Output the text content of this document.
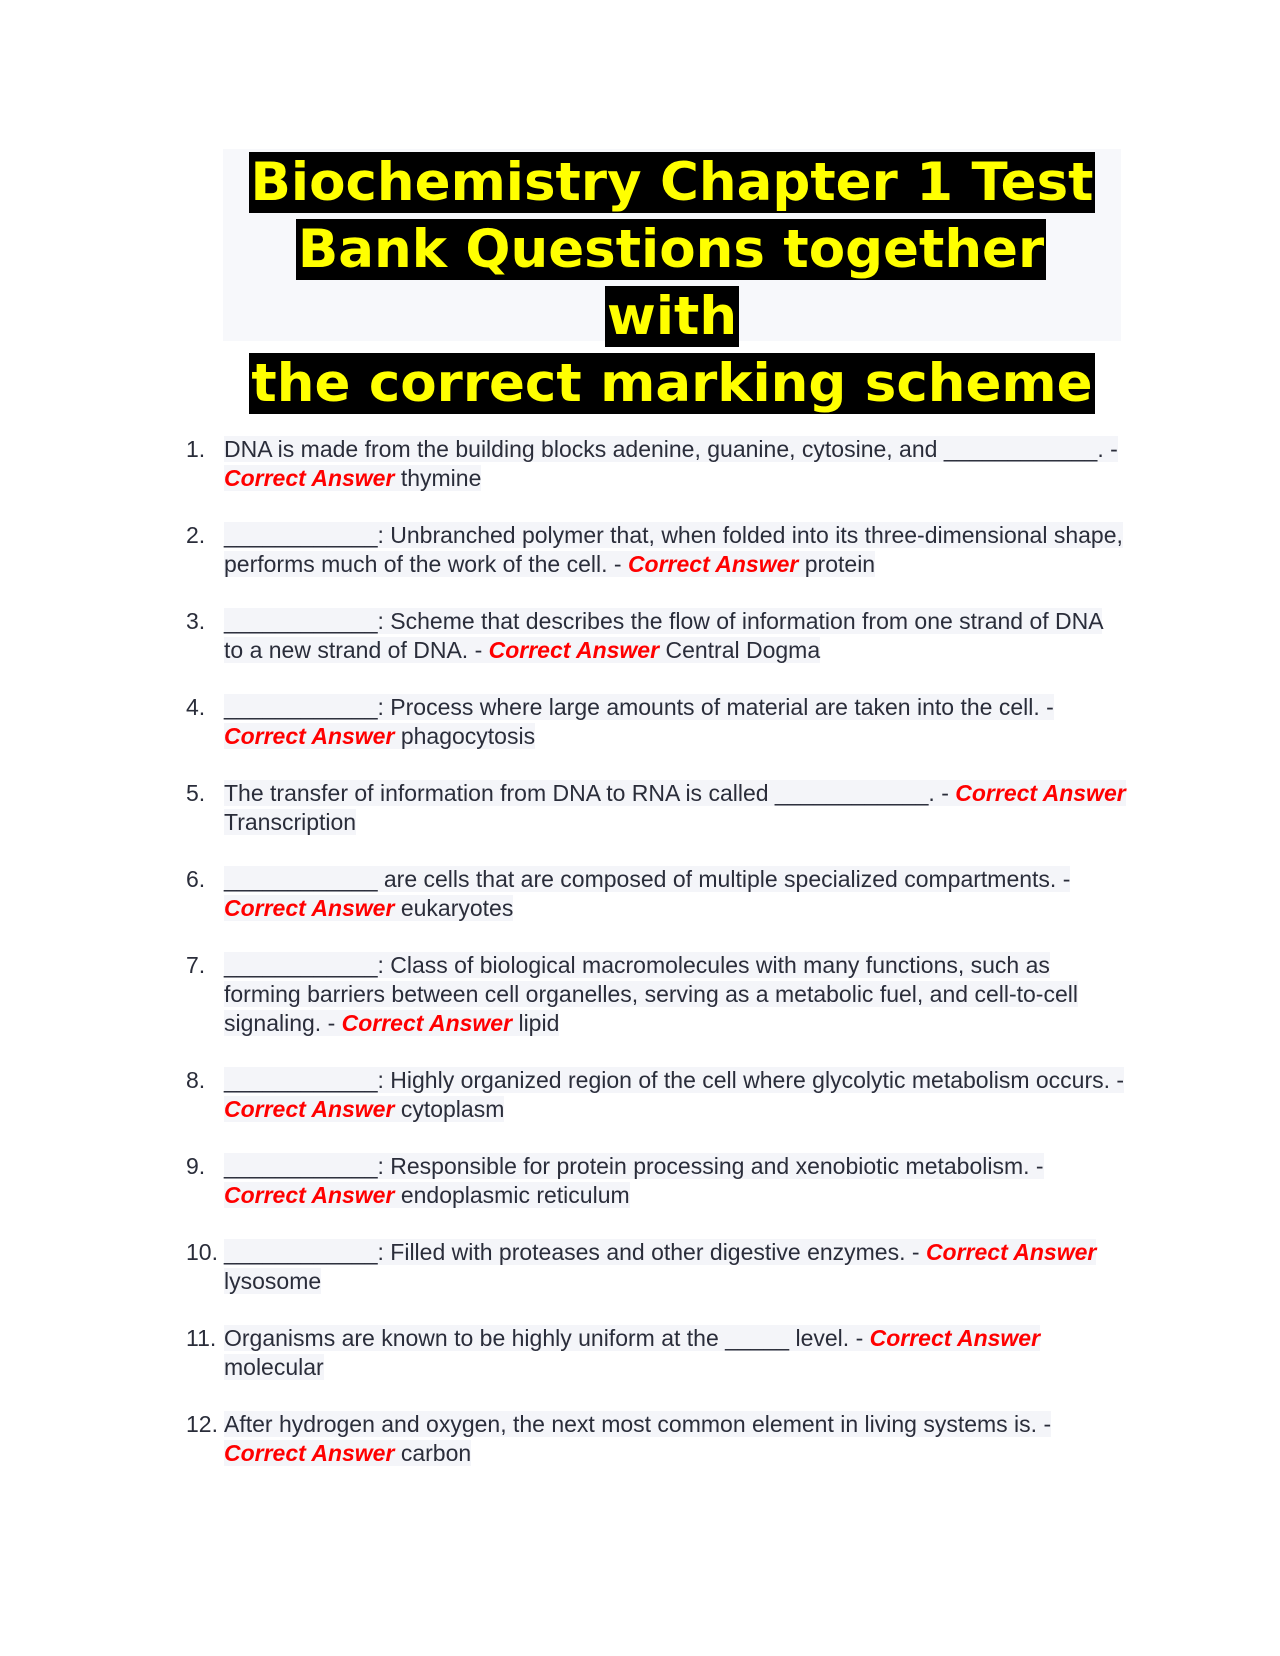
Biochemistry Chapter 1 Test
Bank Questions together with
the correct marking scheme
1. DNA is made from the building blocks adenine, guanine, cytosine, and ____________. - Correct Answer thymine
2. ____________: Unbranched polymer that, when folded into its three-dimensional shape, performs much of the work of the cell. - Correct Answer protein
3. ____________: Scheme that describes the flow of information from one strand of DNA to a new strand of DNA. - Correct Answer Central Dogma
4. ____________: Process where large amounts of material are taken into the cell. - Correct Answer phagocytosis
5. The transfer of information from DNA to RNA is called ____________. - Correct Answer Transcription
6. ____________ are cells that are composed of multiple specialized compartments. - Correct Answer eukaryotes
7. ____________: Class of biological macromolecules with many functions, such as forming barriers between cell organelles, serving as a metabolic fuel, and cell-to-cell signaling. - Correct Answer lipid
8. ____________: Highly organized region of the cell where glycolytic metabolism occurs. - Correct Answer cytoplasm
9. ____________: Responsible for protein processing and xenobiotic metabolism. - Correct Answer endoplasmic reticulum
10. ____________: Filled with proteases and other digestive enzymes. - Correct Answer lysosome
11. Organisms are known to be highly uniform at the _____ level. - Correct Answer molecular
12. After hydrogen and oxygen, the next most common element in living systems is. - Correct Answer carbon
